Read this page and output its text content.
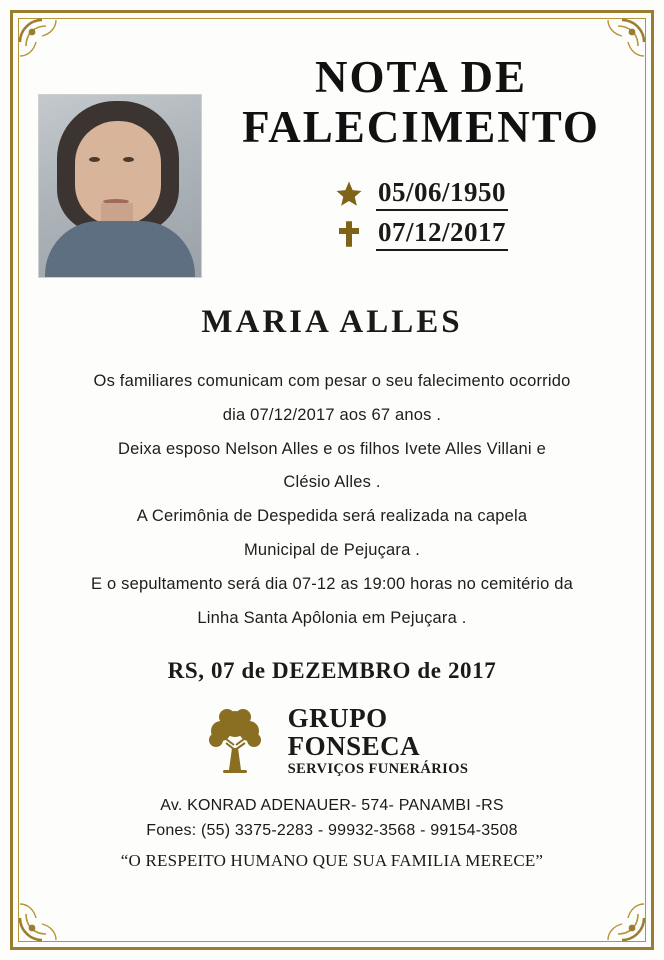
NOTA DE
FALECIMENTO
05/06/1950
07/12/2017
MARIA ALLES

Os familiares comunicam com pesar o seu falecimento ocorrido

dia 07/12/2017 aos 67 anos .

Deixa esposo Nelson Alles e os filhos Ivete Alles Villani e

Clésio Alles .

A Cerimônia de Despedida será realizada na capela

Municipal de Pejuçara .

E o sepultamento será dia 07-12 as 19:00 horas no cemitério da

Linha Santa Apôlonia em Pejuçara .

RS, 07 de DEZEMBRO de 2017
GRUPO
FONSECA
SERVIÇOS FUNERÁRIOS
Av. KONRAD ADENAUER- 574- PANAMBI -RS
Fones: (55) 3375-2283 - 99932-3568 - 99154-3508
“O RESPEITO HUMANO QUE SUA FAMILIA MERECE”
